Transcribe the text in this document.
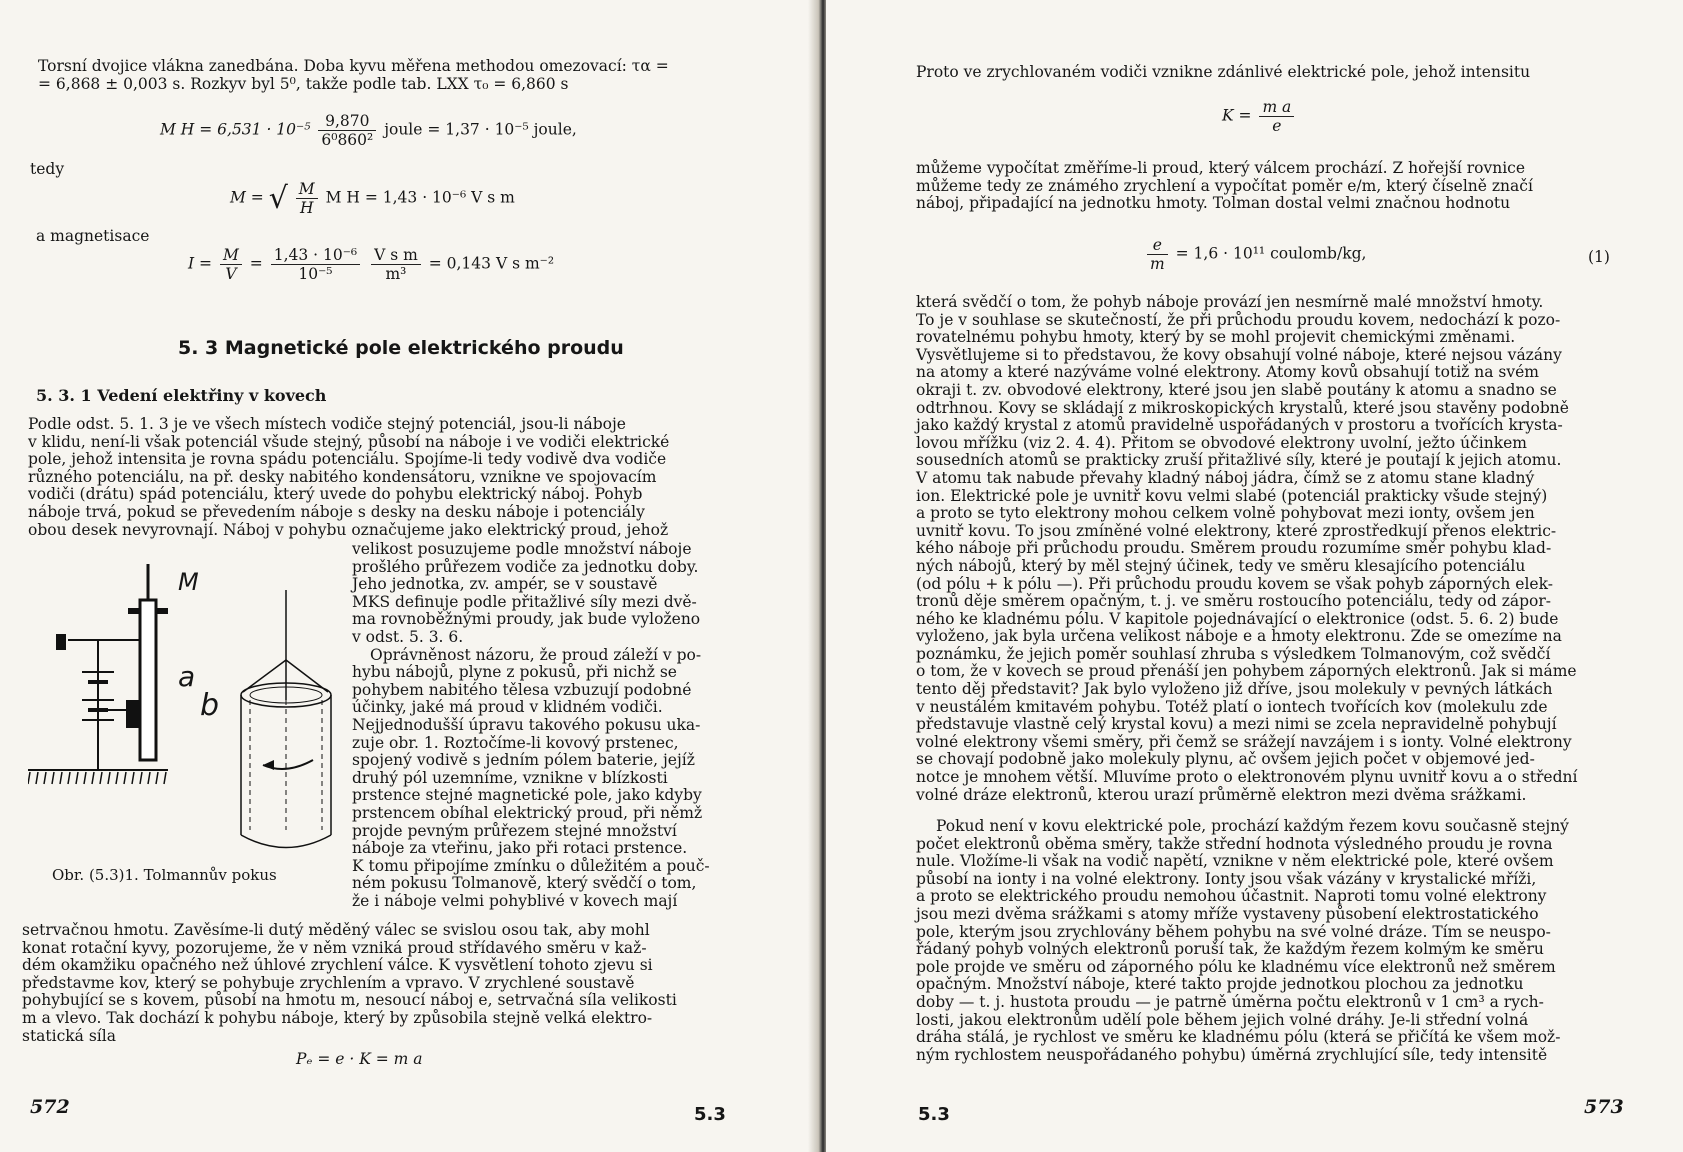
Torsní dvojice vlákna zanedbána. Doba kyvu měřena methodou omezovací: τα =
= 6,868 ± 0,003 s. Rozkyv byl 5⁰, takže podle tab. LXX τ₀ = 6,860 s
M $H = 6,531 \cdot 10^{-5} \frac{9,870}{\text{6⁰860²}}$ joule = 1,37 · 10⁻⁵ joule,
tedy
M = √ $\frac{M}{H}$ M H = 1,43 · 10⁻⁶ V s m
a magnetisace
$I = \frac{M}{V} = \frac{\text{1,43 · 10⁻⁶}}{\text{10⁻⁵}}$
$\frac{\text{V s m}}{\text{m³}} = 0,143$ V s m⁻²
5. 3 Magnetické pole elektrického proudu
5. 3. 1 Vedení elektřiny v kovech
Podle odst. 5. 1. 3 je ve všech místech vodiče stejný potenciál, jsou-li náboje
v klidu, není-li však potenciál všude stejný, působí na náboje i ve vodiči elektrické
pole, jehož intensita je rovna spádu potenciálu. Spojíme-li tedy vodivě dva vodiče
různého potenciálu, na př. desky nabitého kondensátoru, vznikne ve spojovacím
vodiči (drátu) spád potenciálu, který uvede do pohybu elektrický náboj. Pohyb
náboje trvá, pokud se převedením náboje s desky na desku náboje i potenciály
obou desek nevyrovnají. Náboj v pohybu označujeme jako elektrický proud, jehož
velikost posuzujeme podle množství náboje
prošlého průřezem vodiče za jednotku doby.
Jeho jednotka, zv. ampér, se v soustavě
MKS definuje podle přitažlivé síly mezi dvě-
ma rovnoběžnými proudy, jak bude vyloženo
v odst. 5. 3. 6.
Oprávněnost názoru, že proud záleží v po-
hybu nábojů, plyne z pokusů, při nichž se
pohybem nabitého tělesa vzbuzují podobné
účinky, jaké má proud v klidném vodiči.
Nejjednodušší úpravu takového pokusu uka-
zuje obr. 1. Roztočíme-li kovový prstenec,
spojený vodivě s jedním pólem baterie, jejíž
druhý pól uzemníme, vznikne v blízkosti
prstence stejné magnetické pole, jako kdyby
prstencem obíhal elektrický proud, při němž
projde pevným průřezem stejné množství
náboje za vteřinu, jako při rotaci prstence.
K tomu připojíme zmínku o důležitém a pouč-
ném pokusu Tolmanově, který svědčí o tom,
že i náboje velmi pohyblivé v kovech mají
M
a
b
Obr. (5.3)1. Tolmannův pokus
setrvačnou hmotu. Zavěsíme-li dutý měděný válec se svislou osou tak, aby mohl
konat rotační kyvy, pozorujeme, že v něm vzniká proud střídavého směru v kaž-
dém okamžiku opačného než úhlové zrychlení válce. K vysvětlení tohoto zjevu si
představme kov, který se pohybuje zrychlením a vpravo. V zrychlené soustavě
pohybující se s kovem, působí na hmotu m, nesoucí náboj e, setrvačná síla velikosti
m a vlevo. Tak dochází k pohybu náboje, který by způsobila stejně velká elektro-
statická síla
Pₑ = e · K = m a
572	5.3
Proto ve zrychlovaném vodiči vznikne zdánlivé elektrické pole, jehož intensitu
$K = \frac{\text{m a}}{e}$
můžeme vypočítat změříme-li proud, který válcem prochází. Z hořejší rovnice
můžeme tedy ze známého zrychlení a vypočítat poměr e/m, který číselně značí
náboj, připadající na jednotku hmoty. Tolman dostal velmi značnou hodnotu
$\frac{e}{m} = 1,6 \cdot 10^{11}$ coulomb/kg,	(1)
která svědčí o tom, že pohyb náboje provází jen nesmírně malé množství hmoty.
To je v souhlase se skutečností, že při průchodu proudu kovem, nedochází k pozo-
rovatelnému pohybu hmoty, který by se mohl projevit chemickými změnami.
Vysvětlujeme si to představou, že kovy obsahují volné náboje, které nejsou vázány
na atomy a které nazýváme volné elektrony. Atomy kovů obsahují totiž na svém
okraji t. zv. obvodové elektrony, které jsou jen slabě poutány k atomu a snadno se
odtrhnou. Kovy se skládají z mikroskopických krystalů, které jsou stavěny podobně
jako každý krystal z atomů pravidelně uspořádaných v prostoru a tvořících krysta-
lovou mřížku (viz 2. 4. 4). Přitom se obvodové elektrony uvolní, ježto účinkem
sousedních atomů se prakticky zruší přitažlivé síly, které je poutají k jejich atomu.
V atomu tak nabude převahy kladný náboj jádra, čímž se z atomu stane kladný
ion. Elektrické pole je uvnitř kovu velmi slabé (potenciál prakticky všude stejný)
a proto se tyto elektrony mohou celkem volně pohybovat mezi ionty, ovšem jen
uvnitř kovu. To jsou zmíněné volné elektrony, které zprostředkují přenos elektric-
kého náboje při průchodu proudu. Směrem proudu rozumíme směr pohybu klad-
ných nábojů, který by měl stejný účinek, tedy ve směru klesajícího potenciálu
(od pólu + k pólu —). Při průchodu proudu kovem se však pohyb záporných elek-
tronů děje směrem opačným, t. j. ve směru rostoucího potenciálu, tedy od zápor-
ného ke kladnému pólu. V kapitole pojednávající o elektronice (odst. 5. 6. 2) bude
vyloženo, jak byla určena velikost náboje e a hmoty elektronu. Zde se omezíme na
poznámku, že jejich poměr souhlasí zhruba s výsledkem Tolmanovým, což svědčí
o tom, že v kovech se proud přenáší jen pohybem záporných elektronů. Jak si máme
tento děj představit? Jak bylo vyloženo již dříve, jsou molekuly v pevných látkách
v neustálém kmitavém pohybu. Totéž platí o iontech tvořících kov (molekulu zde
představuje vlastně celý krystal kovu) a mezi nimi se zcela nepravidelně pohybují
volné elektrony všemi směry, při čemž se srážejí navzájem i s ionty. Volné elektrony
se chovají podobně jako molekuly plynu, ač ovšem jejich počet v objemové jed-
notce je mnohem větší. Mluvíme proto o elektronovém plynu uvnitř kovu a o střední
volné dráze elektronů, kterou urazí průměrně elektron mezi dvěma srážkami.
Pokud není v kovu elektrické pole, prochází každým řezem kovu současně stejný
počet elektronů oběma směry, takže střední hodnota výsledného proudu je rovna
nule. Vložíme-li však na vodič napětí, vznikne v něm elektrické pole, které ovšem
působí na ionty i na volné elektrony. Ionty jsou však vázány v krystalické mříži,
a proto se elektrického proudu nemohou účastnit. Naproti tomu volné elektrony
jsou mezi dvěma srážkami s atomy mříže vystaveny působení elektrostatického
pole, kterým jsou zrychlovány během pohybu na své volné dráze. Tím se neuspo-
řádaný pohyb volných elektronů poruší tak, že každým řezem kolmým ke směru
pole projde ve směru od záporného pólu ke kladnému více elektronů než směrem
opačným. Množství náboje, které takto projde jednotkou plochou za jednotku
doby — t. j. hustota proudu — je patrně úměrna počtu elektronů v 1 cm³ a rych-
losti, jakou elektronům udělí pole během jejich volné dráhy. Je-li střední volná
dráha stálá, je rychlost ve směru ke kladnému pólu (která se přičítá ke všem mož-
ným rychlostem neuspořádaného pohybu) úměrná zrychlující síle, tedy intensitě
5.3	573
